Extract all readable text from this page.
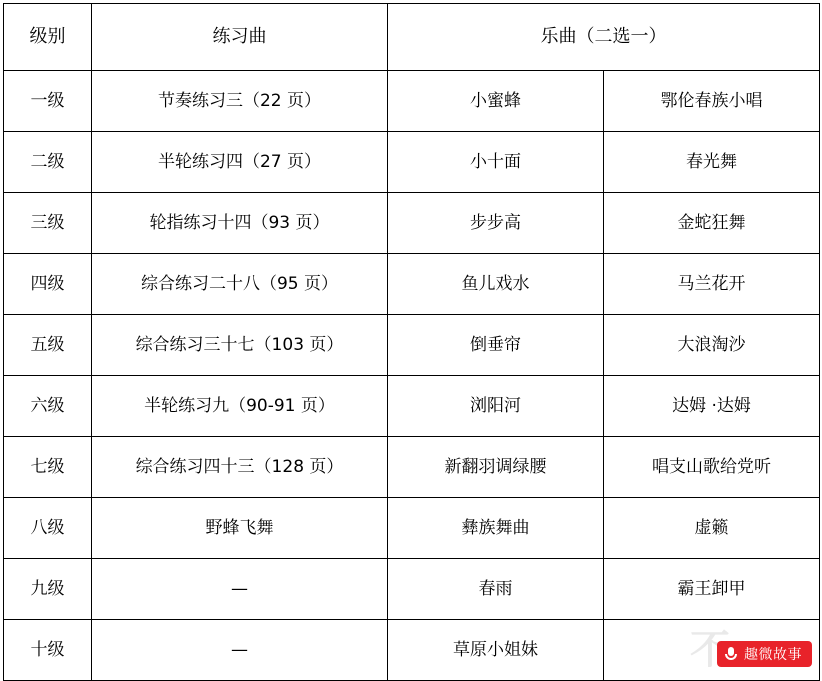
级别	练习曲	乐曲（二选一）	
一级	节奏练习三（22 页）	小蜜蜂	鄂伦春族小唱
二级	半轮练习四（27 页）	小十面	春光舞
三级	轮指练习十四（93 页）	步步高	金蛇狂舞
四级	综合练习二十八（95 页）	鱼儿戏水	马兰花开
五级	综合练习三十七（103 页）	倒垂帘	大浪淘沙
六级	半轮练习九（90-91 页）	浏阳河	达姆 ·达姆
七级	综合练习四十三（128 页）	新翻羽调绿腰	唱支山歌给党听
八级	野蜂飞舞	彝族舞曲	虚籁
九级	—	春雨	霸王卸甲
十级	—	草原小姐妹		不 趣微故事
